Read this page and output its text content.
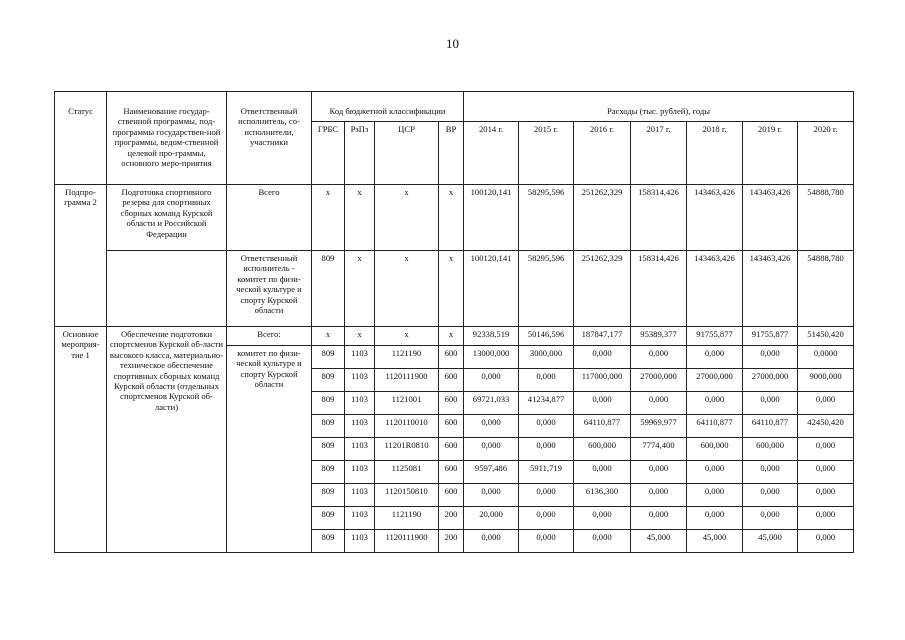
10
Статус	Наименование государ-ственной программы, под-программы государствен-ной программы, ведом-ственной целевой про-граммы, основного меро-приятия	Ответственный исполнитель, со-исполнители, участники	Код бюджетной классификации				Расходы (тыс. рублей), годы						
			ГРБС	РзПз	ЦСР	ВР	2014 г.	2015 г.	2016 г.	2017 г.	2018 г.	2019 г.	2020 г.
Подпро-грамма 2	Подготовка спортивного резерва для спортивных сборных команд Курской области и Российской Федерации	Всего	x	x	x	x	100120,141	58295,596	251262,329	158314,426	143463,426	143463,426	54888,780
		Ответственный исполнитель - комитет по физи-ческой культуре и спорту Курской области	809	x	x	x	100120,141	58295,596	251262,329	158314,426	143463,426	143463,426	54888,780
Основное мероприя-тие 1	Обеспечение подготовки спортсменов Курской об-ласти высокого класса, материально-техническое обеспечение спортивных сборных команд Курской области (отдельных спортсменов Курской об-ласти)	Всего:	x	x	x	x	92338,519	50146,596	187847,177	95389,377	91755,877	91755,877	51450,420
		комитет по физи-ческой культуре и спорту Курской области	809	1103	1121190	600	13000,000	3000,000	0,000	0,000	0,000	0,000	0,0000
			809	1103	1120111900	600	0,000	0,000	117000,000	27000,000	27000,000	27000,000	9000,000
			809	1103	1121001	600	69721,033	41234,877	0,000	0,000	0,000	0,000	0,000
			809	1103	1120110010	600	0,000	0,000	64110,877	59969,977	64110,877	64110,877	42450,420
			809	1103	11201R0810	600	0,000	0,000	600,000	7774,400	600,000	600,000	0,000
			809	1103	1125081	600	9597,486	5911,719	0,000	0,000	0,000	0,000	0,000
			809	1103	1120150810	600	0,000	0,000	6136,300	0,000	0,000	0,000	0,000
			809	1103	1121190	200	20,000	0,000	0,000	0,000	0,000	0,000	0,000
			809	1103	1120111900	200	0,000	0,000	0,000	45,000	45,000	45,000	0,000
